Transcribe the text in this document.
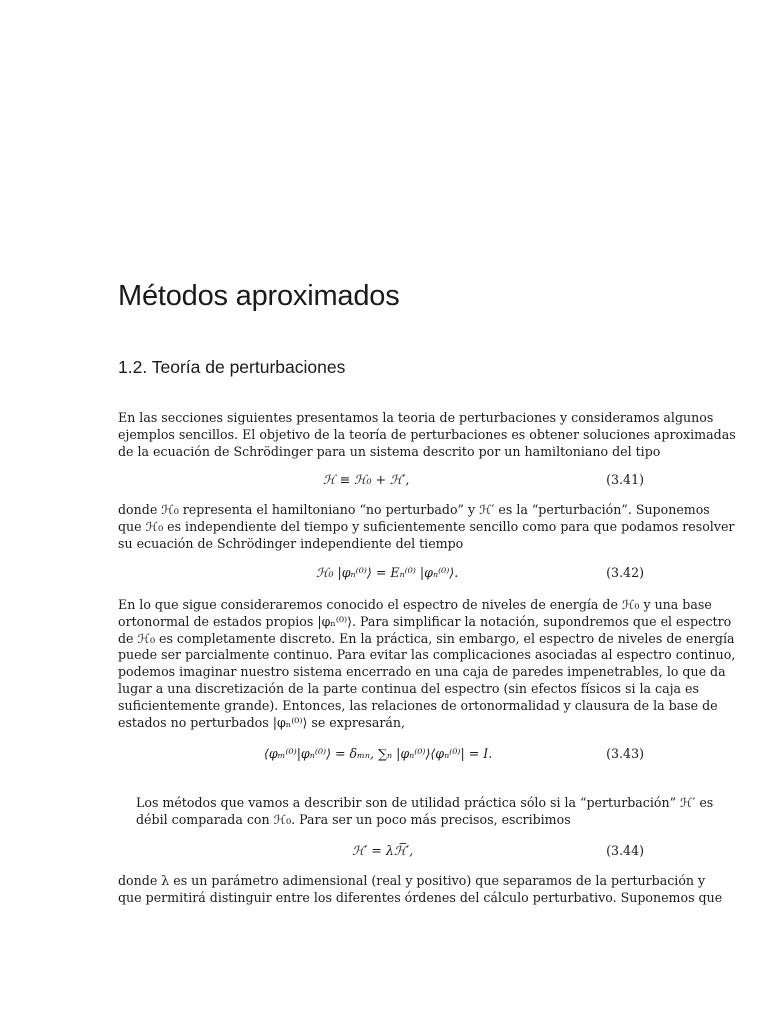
Métodos aproximados
1.2. Teoría de perturbaciones
En las secciones siguientes presentamos la teoria de perturbaciones y consideramos algunos
ejemplos sencillos. El objetivo de la teoría de perturbaciones es obtener soluciones aproximadas
de la ecuación de Schrödinger para un sistema descrito por un hamiltoniano del tipo
ℋ ≡ ℋ₀ + ℋ′,	(3.41)
donde ℋ₀ representa el hamiltoniano “no perturbado” y ℋ′ es la “perturbación”. Suponemos
que ℋ₀ es independiente del tiempo y suficientemente sencillo como para que podamos resolver
su ecuación de Schrödinger independiente del tiempo
ℋ₀ |φₙ⁽⁰⁾⟩ = Eₙ⁽⁰⁾ |φₙ⁽⁰⁾⟩.	(3.42)
En lo que sigue consideraremos conocido el espectro de niveles de energía de ℋ₀ y una base
ortonormal de estados propios |φₙ⁽⁰⁾⟩. Para simplificar la notación, supondremos que el espectro
de ℋ₀ es completamente discreto. En la práctica, sin embargo, el espectro de niveles de energía
puede ser parcialmente continuo. Para evitar las complicaciones asociadas al espectro continuo,
podemos imaginar nuestro sistema encerrado en una caja de paredes impenetrables, lo que da
lugar a una discretización de la parte continua del espectro (sin efectos físicos si la caja es
suficientemente grande). Entonces, las relaciones de ortonormalidad y clausura de la base de
estados no perturbados |φₙ⁽⁰⁾⟩ se expresarán,
⟨φₘ⁽⁰⁾|φₙ⁽⁰⁾⟩ = δₘₙ, ∑ₙ |φₙ⁽⁰⁾⟩⟨φₙ⁽⁰⁾| = I.	(3.43)
Los métodos que vamos a describir son de utilidad práctica sólo si la “perturbación” ℋ′ es
débil comparada con ℋ₀. Para ser un poco más precisos, escribimos
ℋ′ = λℋ̅′,	(3.44)
donde λ es un parámetro adimensional (real y positivo) que separamos de la perturbación y
que permitirá distinguir entre los diferentes órdenes del cálculo perturbativo. Suponemos que
